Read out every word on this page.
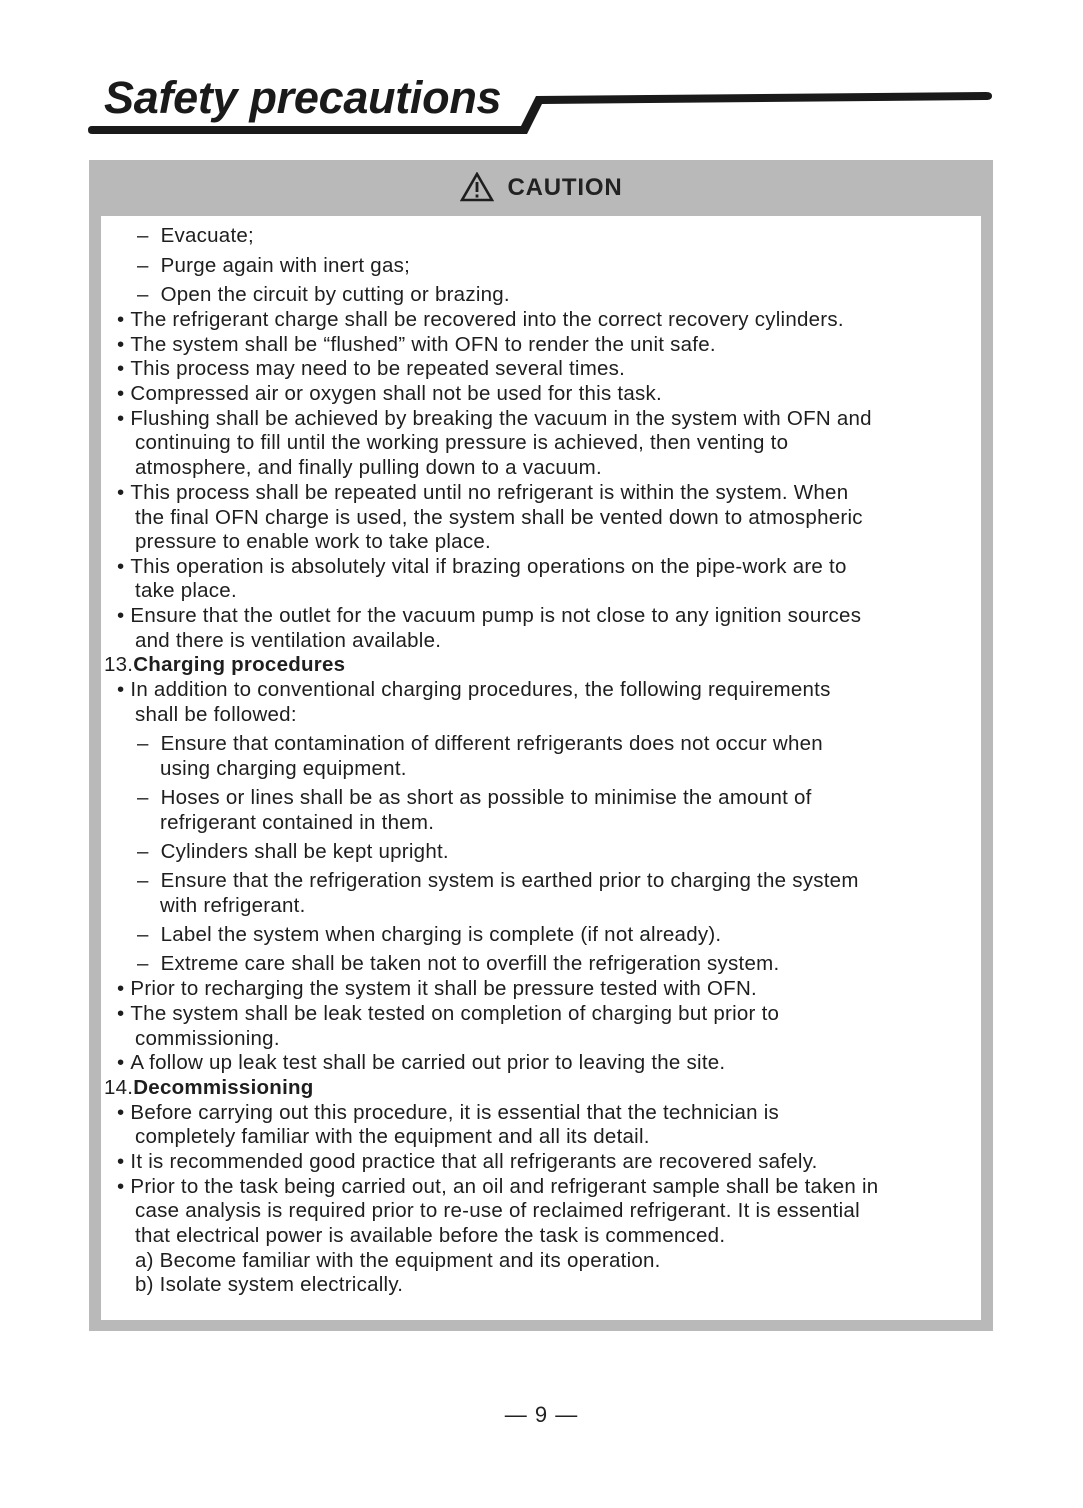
Safety precautions
CAUTION
– Evacuate;
– Purge again with inert gas;
– Open the circuit by cutting or brazing.
• The refrigerant charge shall be recovered into the correct recovery cylinders.
• The system shall be “flushed” with OFN to render the unit safe.
• This process may need to be repeated several times.
• Compressed air or oxygen shall not be used for this task.
• Flushing shall be achieved by breaking the vacuum in the system with OFN and
continuing to fill until the working pressure is achieved, then venting to
atmosphere, and finally pulling down to a vacuum.
• This process shall be repeated until no refrigerant is within the system. When
the final OFN charge is used, the system shall be vented down to atmospheric
pressure to enable work to take place.
• This operation is absolutely vital if brazing operations on the pipe-work are to
take place.
• Ensure that the outlet for the vacuum pump is not close to any ignition sources
and there is ventilation available.
13.Charging procedures
• In addition to conventional charging procedures, the following requirements
shall be followed:
– Ensure that contamination of different refrigerants does not occur when
using charging equipment.
– Hoses or lines shall be as short as possible to minimise the amount of
refrigerant contained in them.
– Cylinders shall be kept upright.
– Ensure that the refrigeration system is earthed prior to charging the system
with refrigerant.
– Label the system when charging is complete (if not already).
– Extreme care shall be taken not to overfill the refrigeration system.
• Prior to recharging the system it shall be pressure tested with OFN.
• The system shall be leak tested on completion of charging but prior to
commissioning.
• A follow up leak test shall be carried out prior to leaving the site.
14.Decommissioning
• Before carrying out this procedure, it is essential that the technician is
completely familiar with the equipment and all its detail.
• It is recommended good practice that all refrigerants are recovered safely.
• Prior to the task being carried out, an oil and refrigerant sample shall be taken in
case analysis is required prior to re-use of reclaimed refrigerant. It is essential
that electrical power is available before the task is commenced.
a) Become familiar with the equipment and its operation.
b) Isolate system electrically.
— 9 —
